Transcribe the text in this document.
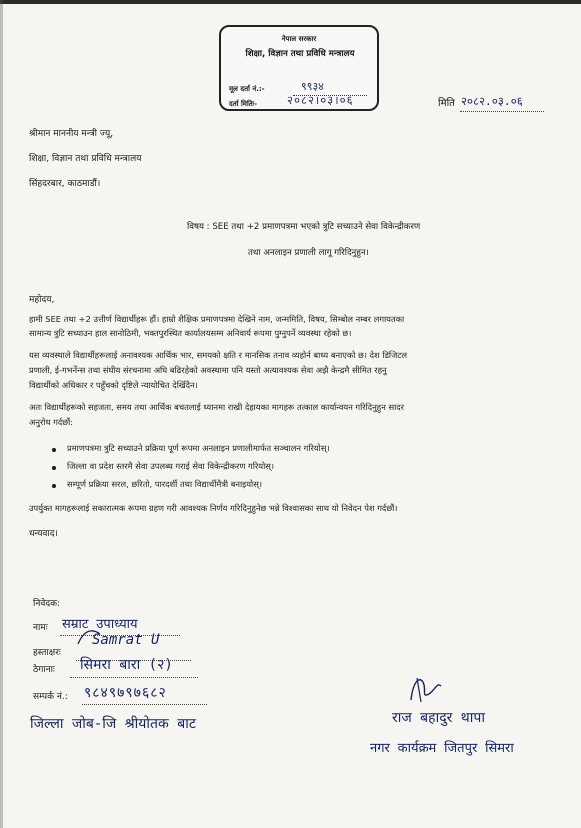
नेपाल सरकार
शिक्षा, विज्ञान तथा प्रविधि मन्त्रालय
मूल दर्ता नं.:-	९९३४
दर्ता मितिः-	२०८२।०३।०६	मिति २०८२.०३.०६
श्रीमान माननीय मन्त्री ज्यू,
शिक्षा, विज्ञान तथा प्रविधि मन्त्रालय
सिंहदरबार, काठमाडौं।
विषय : SEE तथा +2 प्रमाणपत्रमा भएको त्रुटि सच्याउने सेवा विकेन्द्रीकरण
तथा अनलाइन प्रणाली लागू गरिदिनुहुन।
महोदय,
हामी SEE तथा +2 उत्तीर्ण विद्यार्थीहरू हौं। हाम्रो शैक्षिक प्रमाणपत्रमा देखिने नाम, जन्ममिति, विषय, सिम्बोल नम्बर लगायतका
सामान्य त्रुटि सच्याउन हाल सानोठिमी, भक्तपुरस्थित कार्यालयसम्म अनिवार्य रूपमा पुग्नुपर्ने व्यवस्था रहेको छ।
यस व्यवस्थाले विद्यार्थीहरूलाई अनावश्यक आर्थिक भार, समयको क्षति र मानसिक तनाव व्यहोर्न बाध्य बनाएको छ। देश डिजिटल
प्रणाली, ई-गभर्नेन्स तथा संघीय संरचनामा अघि बढिरहेको अवस्थामा पनि यस्तो अत्यावश्यक सेवा अझै केन्द्रमै सीमित रहनु
विद्यार्थीको अधिकार र पहुँचको दृष्टिले न्यायोचित देखिँदैन।
अतः विद्यार्थीहरूको सहजता, समय तथा आर्थिक बचतलाई ध्यानमा राखी देहायका मागहरू तत्काल कार्यान्वयन गरिदिनुहुन सादर
अनुरोध गर्दछौं:
प्रमाणपत्रमा त्रुटि सच्याउने प्रक्रिया पूर्ण रूपमा अनलाइन प्रणालीमार्फत सञ्चालन गरियोस्।
जिल्ला वा प्रदेश स्तरमै सेवा उपलब्ध गराई सेवा विकेन्द्रीकरण गरियोस्।
सम्पूर्ण प्रक्रिया सरल, छरितो, पारदर्शी तथा विद्यार्थीमैत्री बनाइयोस्।
उपर्युक्त मागहरूलाई सकारात्मक रूपमा ग्रहण गरी आवश्यक निर्णय गरिदिनुहुनेछ भन्ने विश्वासका साथ यो निवेदन पेश गर्दछौं।
धन्यवाद।
निवेदक:
नामः सम्राट उपाध्याय
हस्ताक्षरः
Samrat U
ठेगानाः सिमरा बारा (२)
सम्पर्क नं.: ९८४९७९७६८२
जिल्ला जोब-जि श्रीयोतक बाट	राज बहादुर थापा
नगर कार्यक्रम जितपुर सिमरा
